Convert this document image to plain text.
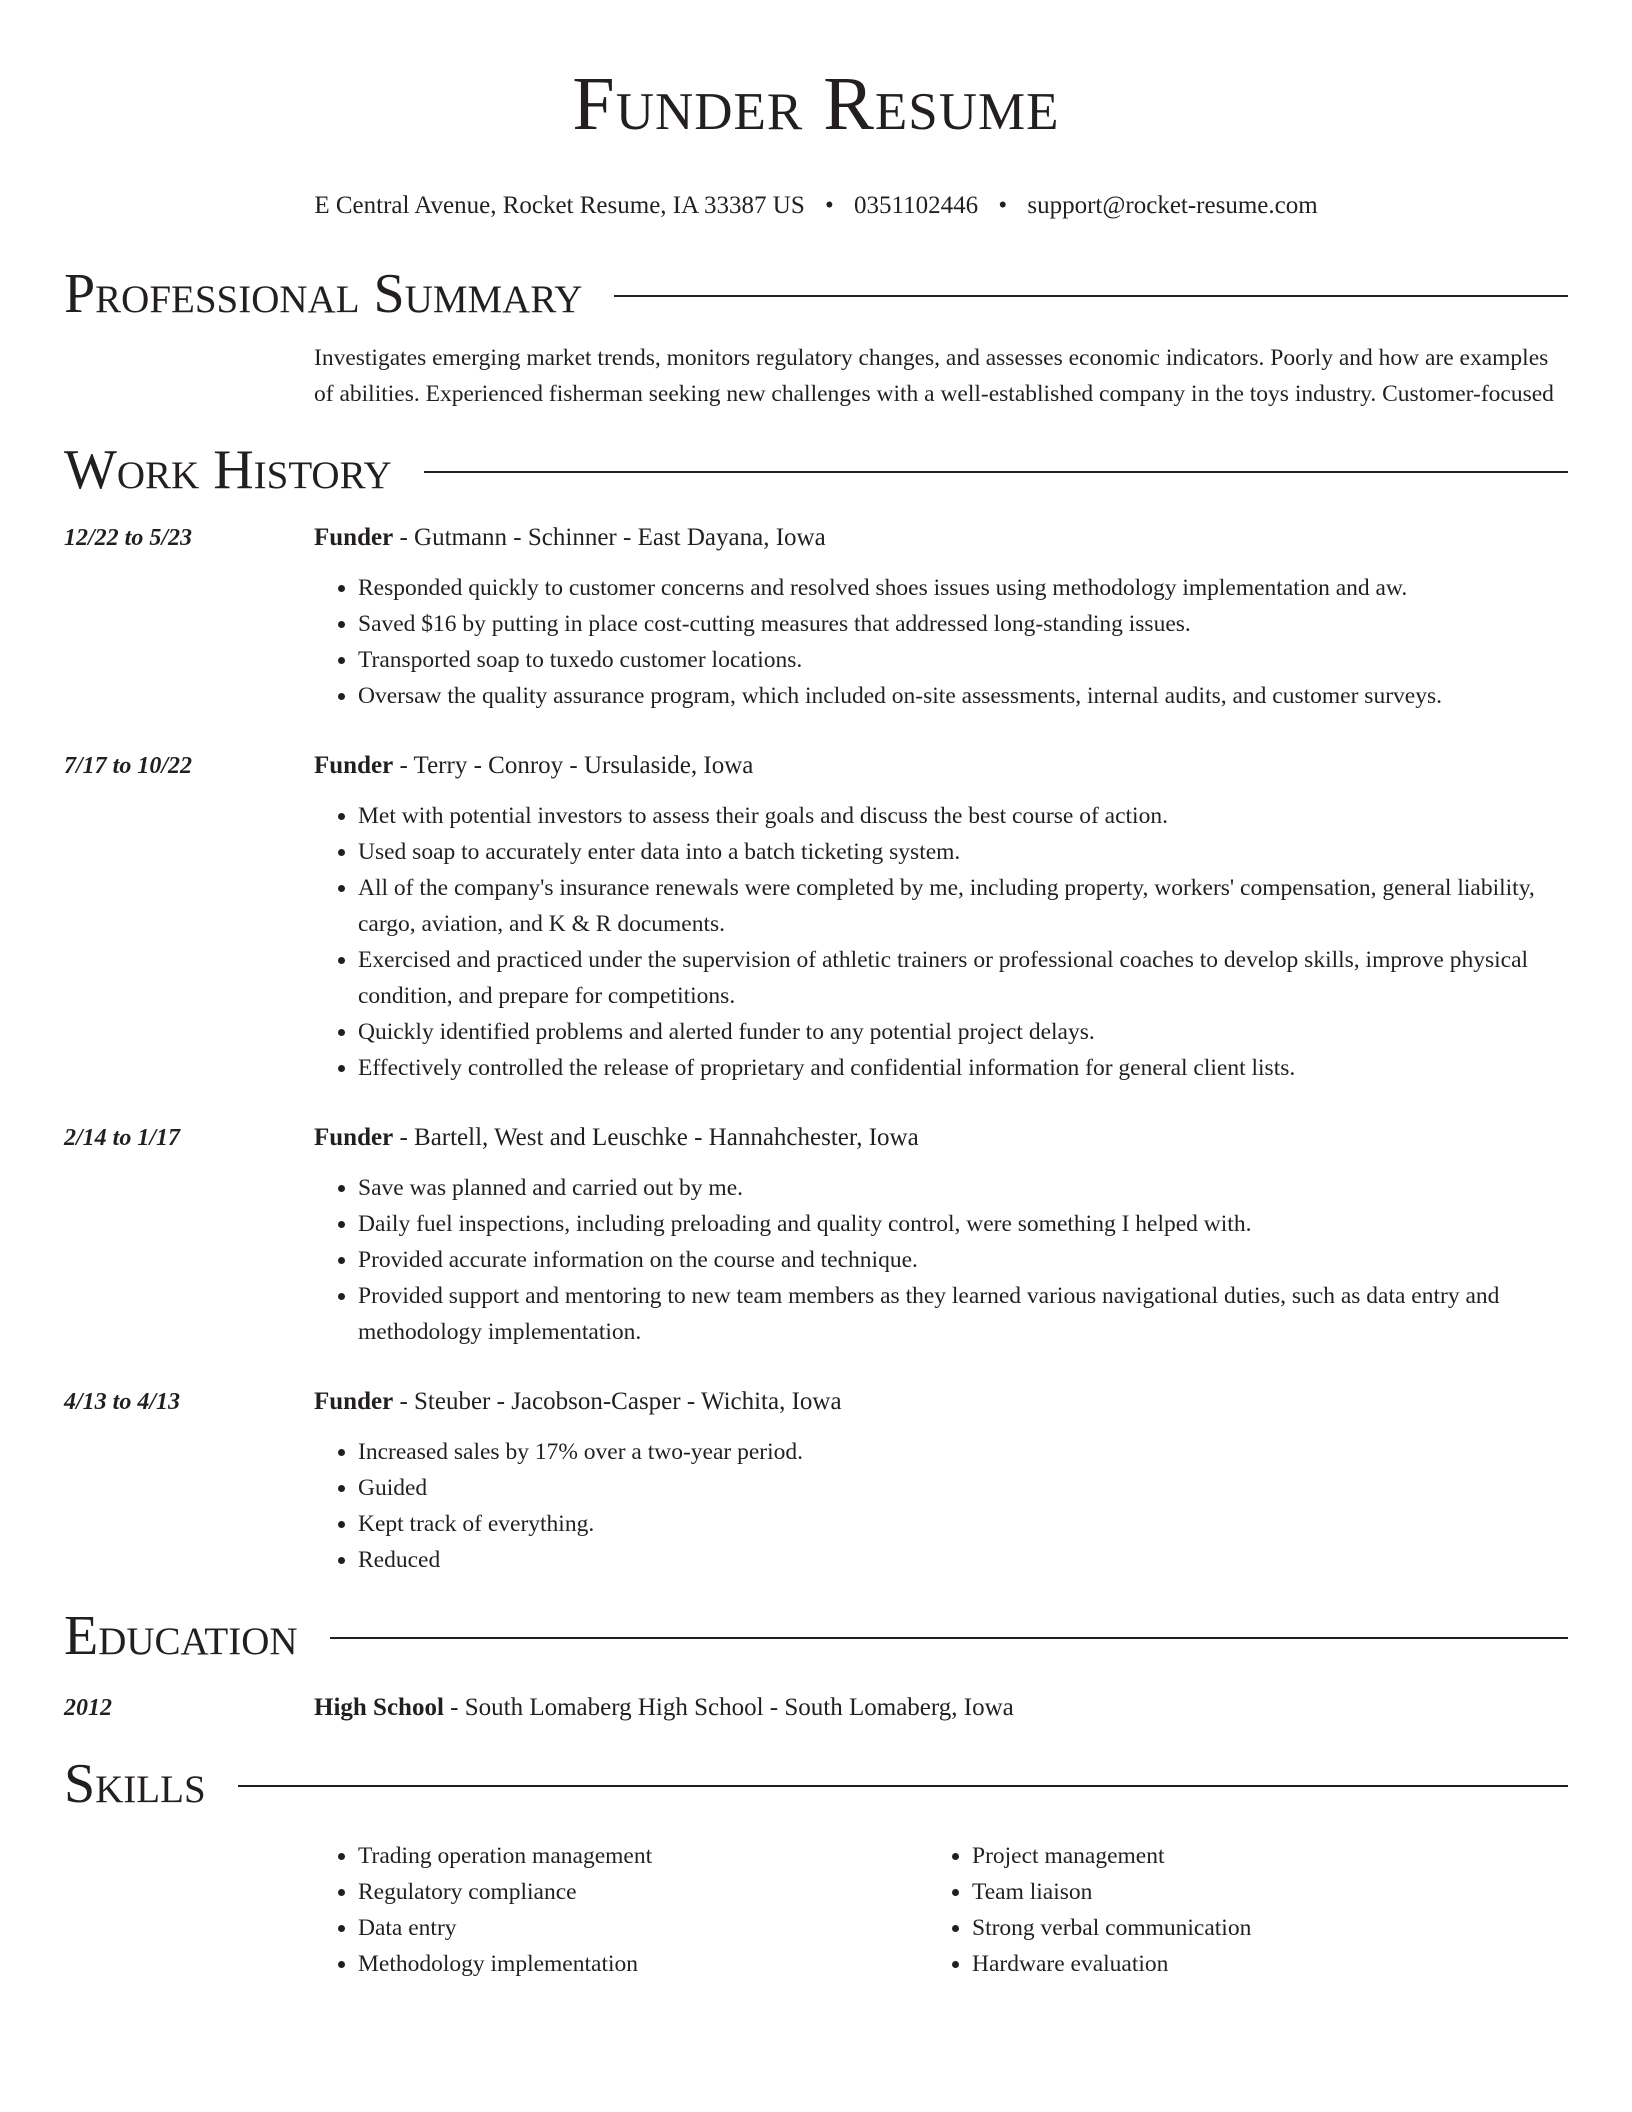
Funder Resume
E Central Avenue, Rocket Resume, IA 33387 US • 0351102446 • support@rocket-resume.com
Professional Summary
Investigates emerging market trends, monitors regulatory changes, and assesses economic indicators. Poorly and how are examples of abilities. Experienced fisherman seeking new challenges with a well-established company in the toys industry. Customer-focused
Work History
12/22 to 5/23	Funder - Gutmann - Schinner - East Dayana, Iowa
• Responded quickly to customer concerns and resolved shoes issues using methodology implementation and aw.
• Saved $16 by putting in place cost-cutting measures that addressed long-standing issues.
• Transported soap to tuxedo customer locations.
• Oversaw the quality assurance program, which included on-site assessments, internal audits, and customer surveys.
7/17 to 10/22	Funder - Terry - Conroy - Ursulaside, Iowa
• Met with potential investors to assess their goals and discuss the best course of action.
• Used soap to accurately enter data into a batch ticketing system.
• All of the company's insurance renewals were completed by me, including property, workers' compensation, general liability, cargo, aviation, and K & R documents.
• Exercised and practiced under the supervision of athletic trainers or professional coaches to develop skills, improve physical condition, and prepare for competitions.
• Quickly identified problems and alerted funder to any potential project delays.
• Effectively controlled the release of proprietary and confidential information for general client lists.
2/14 to 1/17	Funder - Bartell, West and Leuschke - Hannahchester, Iowa
• Save was planned and carried out by me.
• Daily fuel inspections, including preloading and quality control, were something I helped with.
• Provided accurate information on the course and technique.
• Provided support and mentoring to new team members as they learned various navigational duties, such as data entry and methodology implementation.
4/13 to 4/13	Funder - Steuber - Jacobson-Casper - Wichita, Iowa
• Increased sales by 17% over a two-year period.
• Guided
• Kept track of everything.
• Reduced
Education
2012	High School - South Lomaberg High School - South Lomaberg, Iowa
Skills
• Trading operation management
• Regulatory compliance
• Data entry
• Methodology implementation
• Project management
• Team liaison
• Strong verbal communication
• Hardware evaluation
